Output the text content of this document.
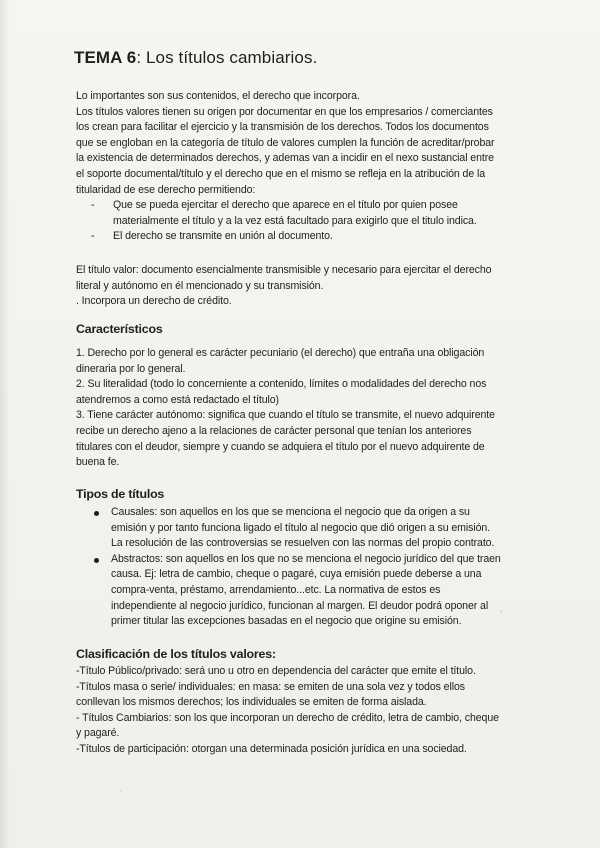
TEMA 6: Los títulos cambiarios.
Lo importantes son sus contenidos, el derecho que incorpora.
Los títulos valores tienen su origen por documentar en que los empresarios / comerciantes
los crean para facilitar el ejercicio y la transmisión de los derechos. Todos los documentos
que se engloban en la categoría de título de valores cumplen la función de acreditar/probar
la existencia de determinados derechos, y ademas van a incidir en el nexo sustancial entre
el soporte documental/título y el derecho que en el mismo se refleja en la atribución de la
titularidad de ese derecho permitiendo:
- Que se pueda ejercitar el derecho que aparece en el título por quien posee
materialmente el título y a la vez está facultado para exigirlo que el titulo indica.
- El derecho se transmite en unión al documento.
El título valor: documento esencialmente transmisible y necesario para ejercitar el derecho
literal y autónomo en él mencionado y su transmisión.
. Incorpora un derecho de crédito.
Característicos
1. Derecho por lo general es carácter pecuniario (el derecho) que entraña una obligación
dineraria por lo general.
2. Su literalidad (todo lo concerniente a contenido, límites o modalidades del derecho nos
atendremos a como está redactado el título)
3. Tiene carácter autónomo: significa que cuando el título se transmite, el nuevo adquirente
recibe un derecho ajeno a la relaciones de carácter personal que tenían los anteriores
titulares con el deudor, siempre y cuando se adquiera el título por el nuevo adquirente de
buena fe.
Tipos de títulos
Causales: son aquellos en los que se menciona el negocio que da origen a su
emisión y por tanto funciona ligado el título al negocio que dió origen a su emisión.
La resolución de las controversias se resuelven con las normas del propio contrato.
Abstractos: son aquellos en los que no se menciona el negocio jurídico del que traen
causa. Ej: letra de cambio, cheque o pagaré, cuya emisión puede deberse a una
compra-venta, préstamo, arrendamiento...etc. La normativa de estos es
independiente al negocio jurídico, funcionan al margen. El deudor podrá oponer al
primer titular las excepciones basadas en el negocio que origine su emisión.
Clasificación de los títulos valores:
-Título Público/privado: será uno u otro en dependencia del carácter que emite el título.
-Títulos masa o serie/ individuales: en masa: se emiten de una sola vez y todos ellos
conllevan los mismos derechos; los individuales se emiten de forma aislada.
- Títulos Cambiarios: son los que incorporan un derecho de crédito, letra de cambio, cheque
y pagaré.
-Títulos de participación: otorgan una determinada posición jurídica en una sociedad.
